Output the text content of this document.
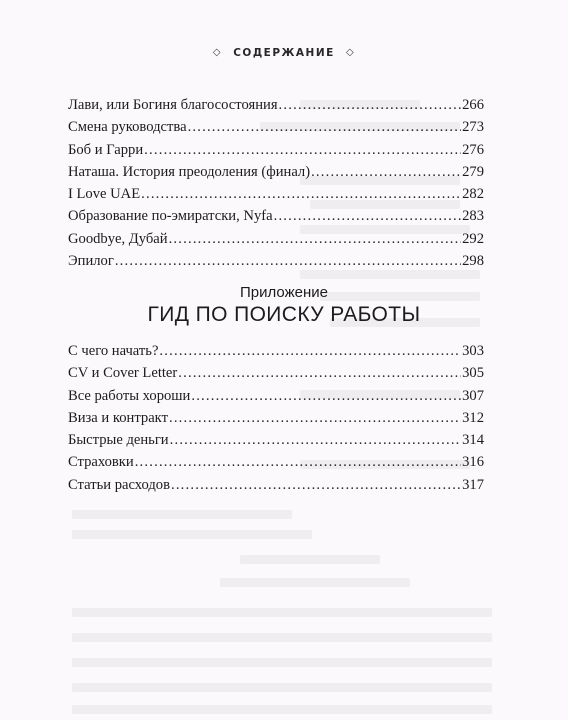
◇ СОДЕРЖАНИЕ ◇
Лави, или Богиня благосостояния .....	266
Смена руководства .....	273
Боб и Гарри .....	276
Наташа. История преодоления (финал) .....	279
I Love UAE .....	282
Образование по-эмиратски, Nyfa .....	283
Goodbye, Дубай .....	292
Эпилог .....	298
Приложение
ГИД ПО ПОИСКУ РАБОТЫ
С чего начать? .....	303
CV и Cover Letter .....	305
Все работы хороши .....	307
Виза и контракт .....	312
Быстрые деньги .....	314
Страховки .....	316
Статьи расходов .....	317
